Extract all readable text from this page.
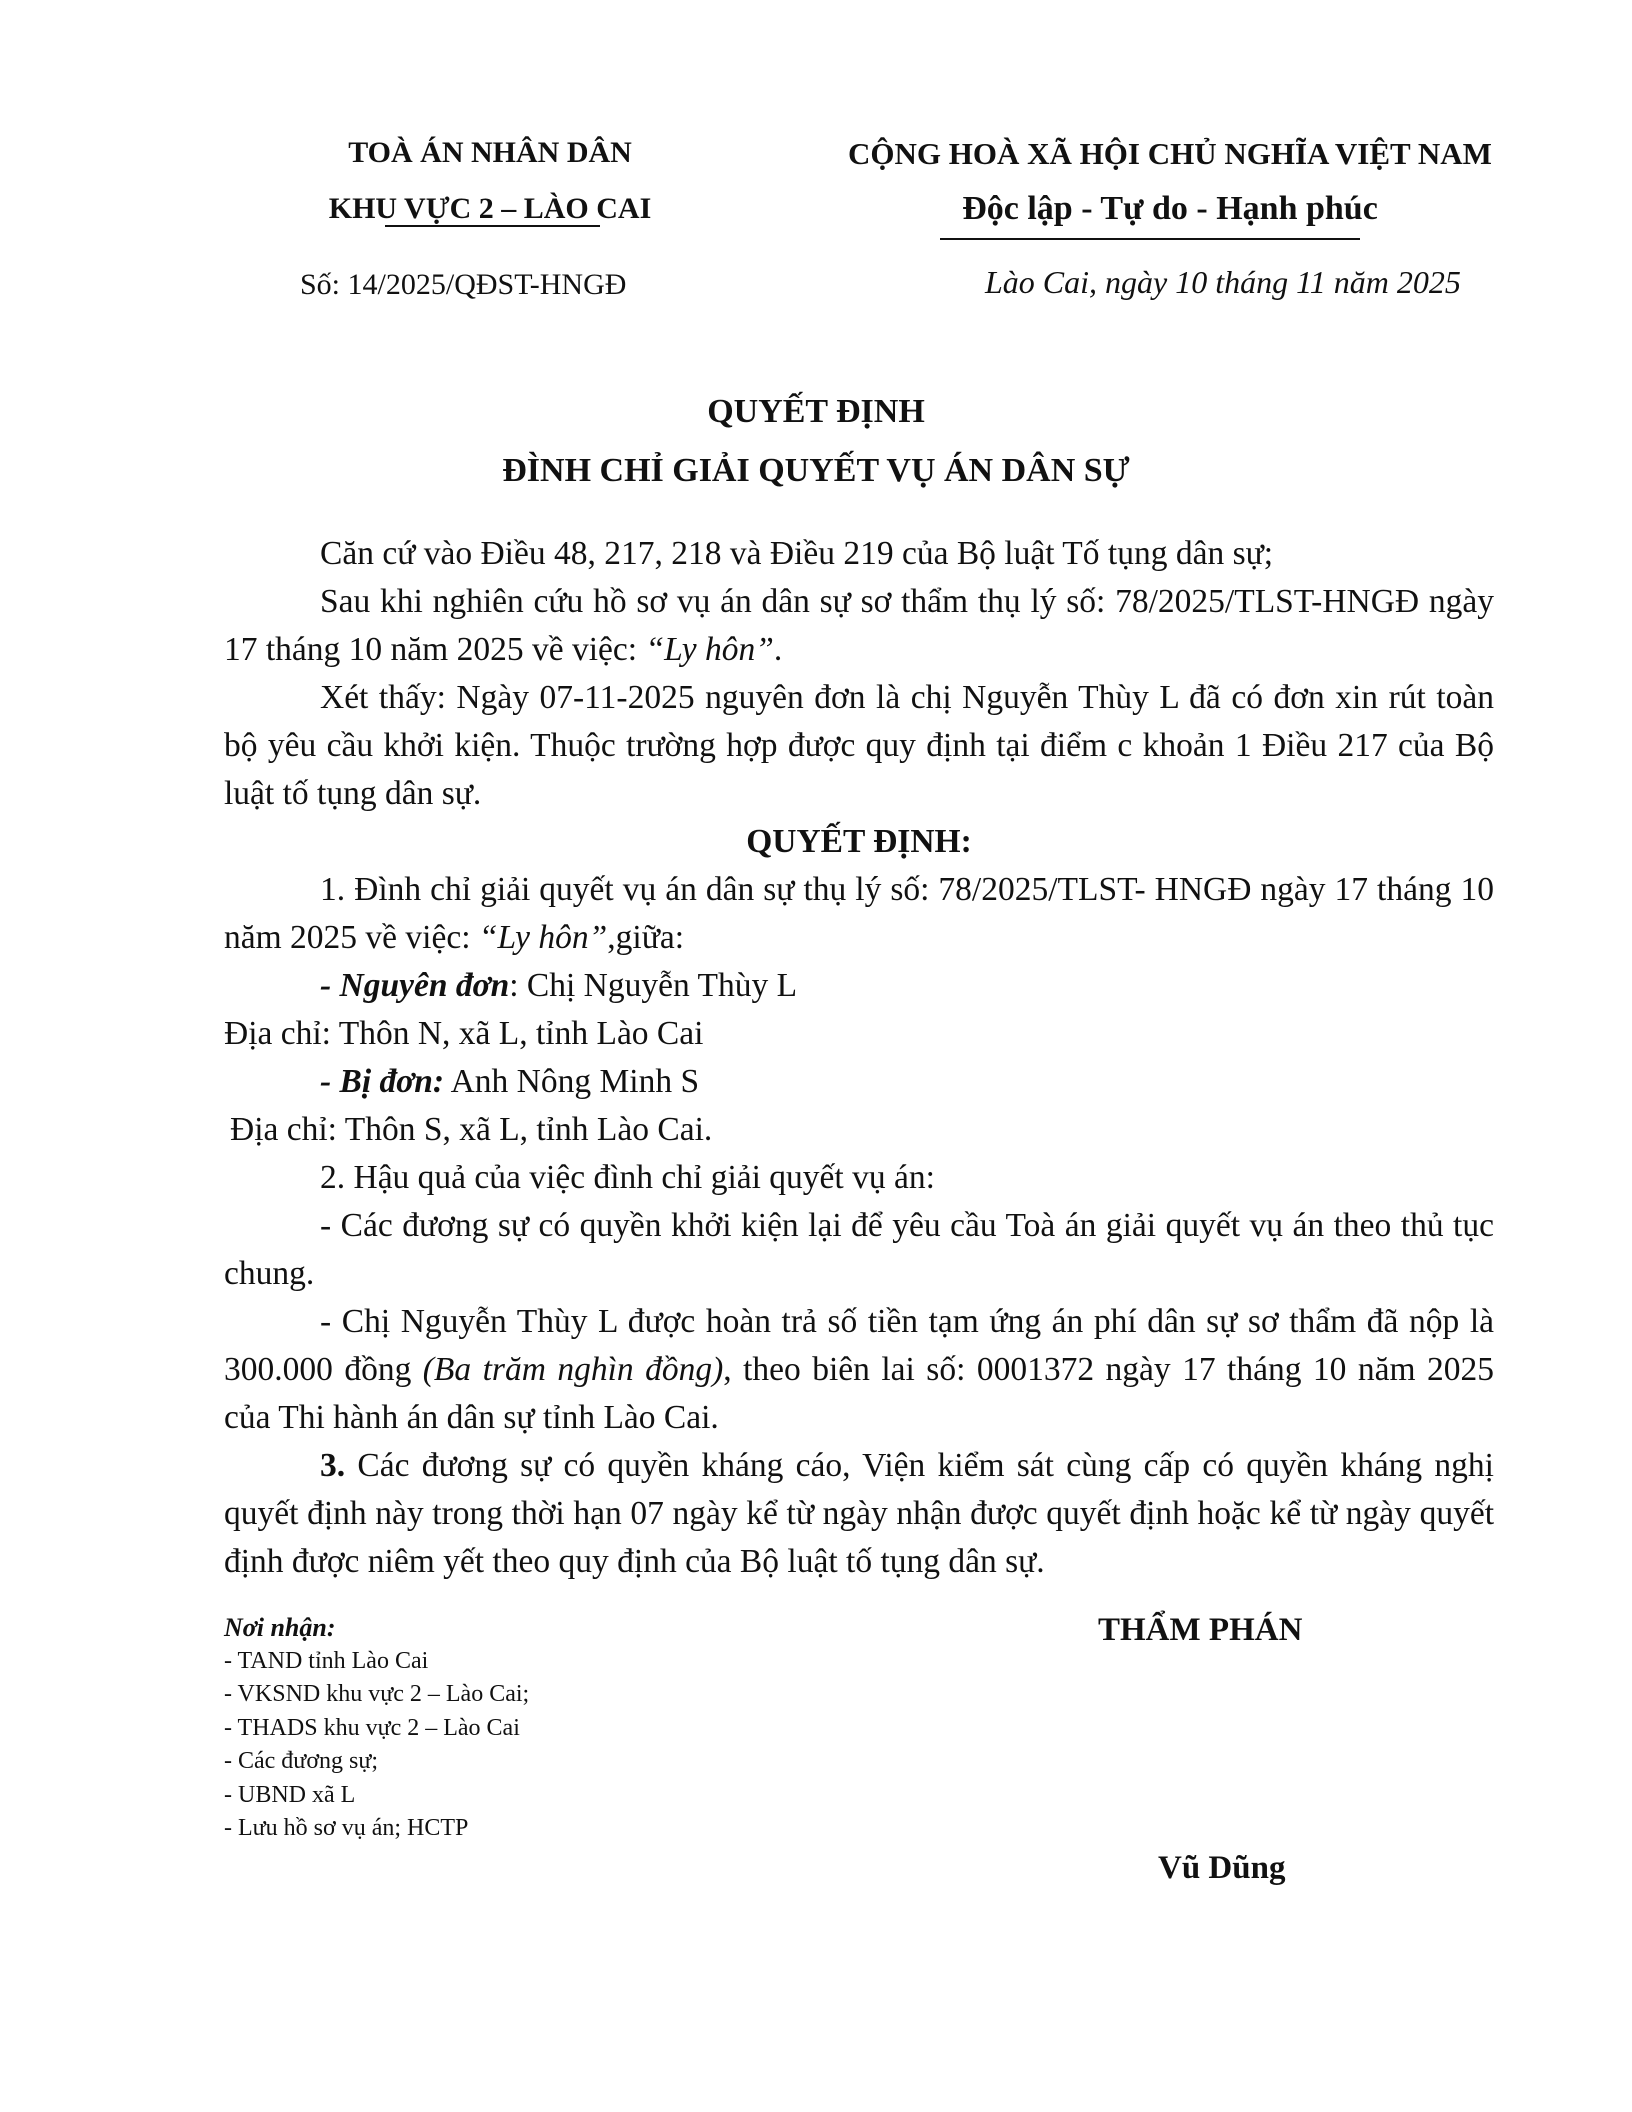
TOÀ ÁN NHÂN DÂN
KHU VỰC 2 – LÀO CAI
Số: 14/2025/QĐST-HNGĐ
CỘNG HOÀ XÃ HỘI CHỦ NGHĨA VIỆT NAM
Độc lập - Tự do - Hạnh phúc
Lào Cai, ngày 10 tháng 11 năm 2025
QUYẾT ĐỊNH
ĐÌNH CHỈ GIẢI QUYẾT VỤ ÁN DÂN SỰ

Căn cứ vào Điều 48, 217, 218 và Điều 219 của Bộ luật Tố tụng dân sự;

Sau khi nghiên cứu hồ sơ vụ án dân sự sơ thẩm thụ lý số: 78/2025/TLST-HNGĐ ngày 17 tháng 10 năm 2025 về việc: “Ly hôn”.

Xét thấy: Ngày 07-11-2025 nguyên đơn là chị Nguyễn Thùy L đã có đơn xin rút toàn bộ yêu cầu khởi kiện. Thuộc trường hợp được quy định tại điểm c khoản 1 Điều 217 của Bộ luật tố tụng dân sự.

QUYẾT ĐỊNH:

1. Đình chỉ giải quyết vụ án dân sự thụ lý số: 78/2025/TLST- HNGĐ ngày 17 tháng 10 năm 2025 về việc: “Ly hôn”,giữa:

- Nguyên đơn: Chị Nguyễn Thùy L

Địa chỉ: Thôn N, xã L, tỉnh Lào Cai

- Bị đơn: Anh Nông Minh S

Địa chỉ: Thôn S, xã L, tỉnh Lào Cai.

2. Hậu quả của việc đình chỉ giải quyết vụ án:

- Các đương sự có quyền khởi kiện lại để yêu cầu Toà án giải quyết vụ án theo thủ tục chung.

- Chị Nguyễn Thùy L được hoàn trả số tiền tạm ứng án phí dân sự sơ thẩm đã nộp là 300.000 đồng (Ba trăm nghìn đồng), theo biên lai số: 0001372 ngày 17 tháng 10 năm 2025 của Thi hành án dân sự tỉnh Lào Cai.

3. Các đương sự có quyền kháng cáo, Viện kiểm sát cùng cấp có quyền kháng nghị quyết định này trong thời hạn 07 ngày kể từ ngày nhận được quyết định hoặc kể từ ngày quyết định được niêm yết theo quy định của Bộ luật tố tụng dân sự.

Nơi nhận:
- TAND tỉnh Lào Cai
- VKSND khu vực 2 – Lào Cai;
- THADS khu vực 2 – Lào Cai
- Các đương sự;
- UBND xã L
- Lưu hồ sơ vụ án; HCTP
THẨM PHÁN
Vũ Dũng
